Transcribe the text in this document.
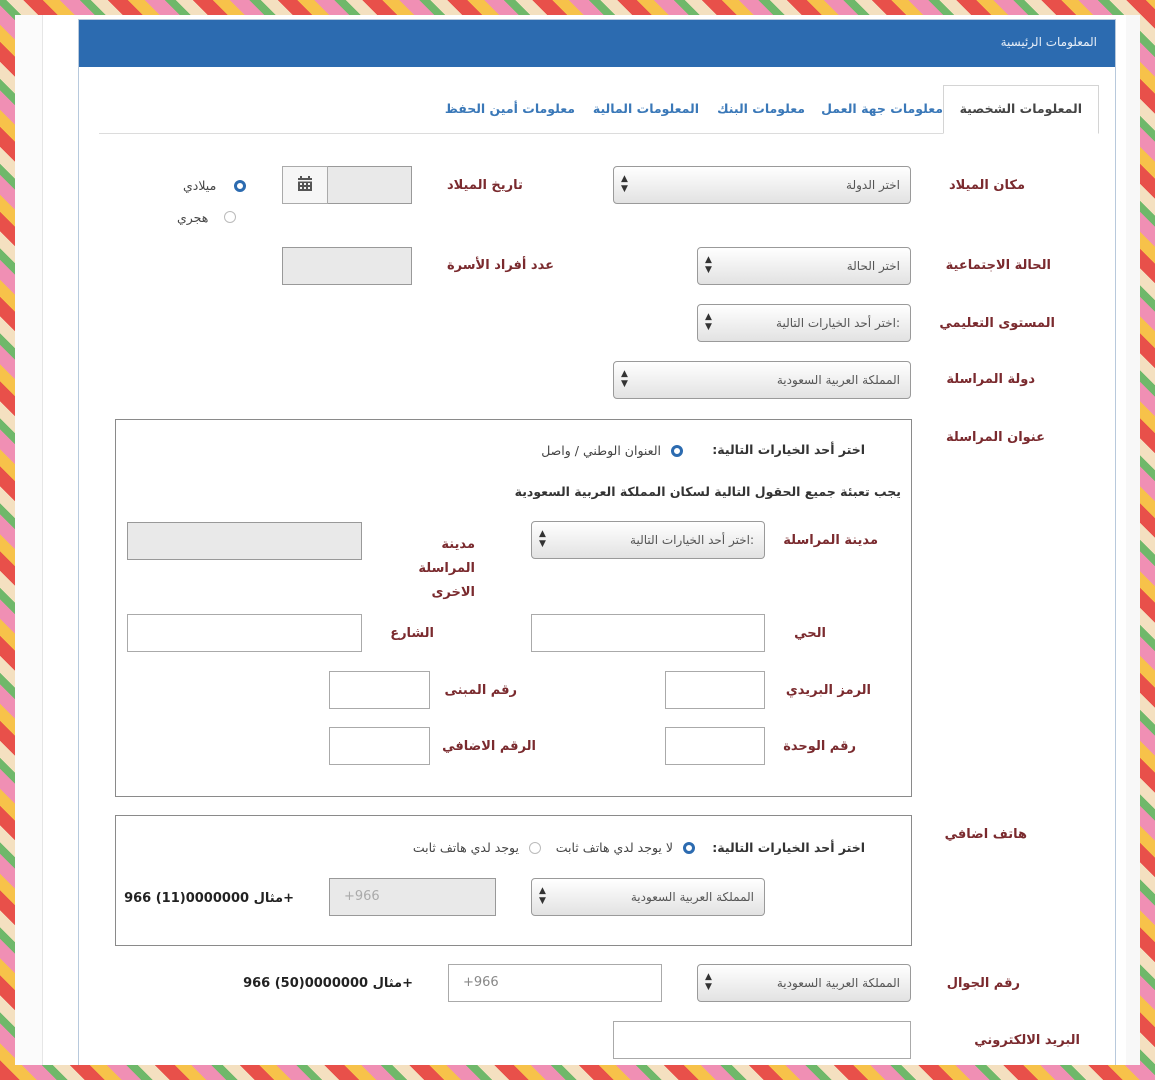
المعلومات الرئيسية
المعلومات الشخصية
معلومات جهة العمل
معلومات البنك
المعلومات المالية
معلومات أمين الحفظ
مكان الميلاد
اختر الدولة
▲
▼
تاريخ الميلاد
ميلادي
هجري
الحالة الاجتماعية
اختر الحالة
▲
▼
عدد أفراد الأسرة
المستوى التعليمي
اختر أحد الخيارات التالية:
▲
▼
دولة المراسلة
المملكة العربية السعودية
▲
▼
عنوان المراسلة
اختر أحد الخيارات التالية:
العنوان الوطني / واصل
يجب تعبئة جميع الحقول التالية لسكان المملكة العربية السعودية
مدينة المراسلة
اختر أحد الخيارات التالية:
▲
▼
مدينة المراسلة الاخرى
الحي
الشارع
الرمز البريدي
رقم المبنى
رقم الوحدة
الرقم الاضافي
هاتف اضافي
اختر أحد الخيارات التالية:
لا يوجد لدي هاتف ثابت
يوجد لدي هاتف ثابت
المملكة العربية السعودية
▲
▼
+966
مثال 0000000(11) 966+
رقم الجوال
المملكة العربية السعودية
▲
▼
+966
مثال 0000000(50) 966+
البريد الالكتروني
